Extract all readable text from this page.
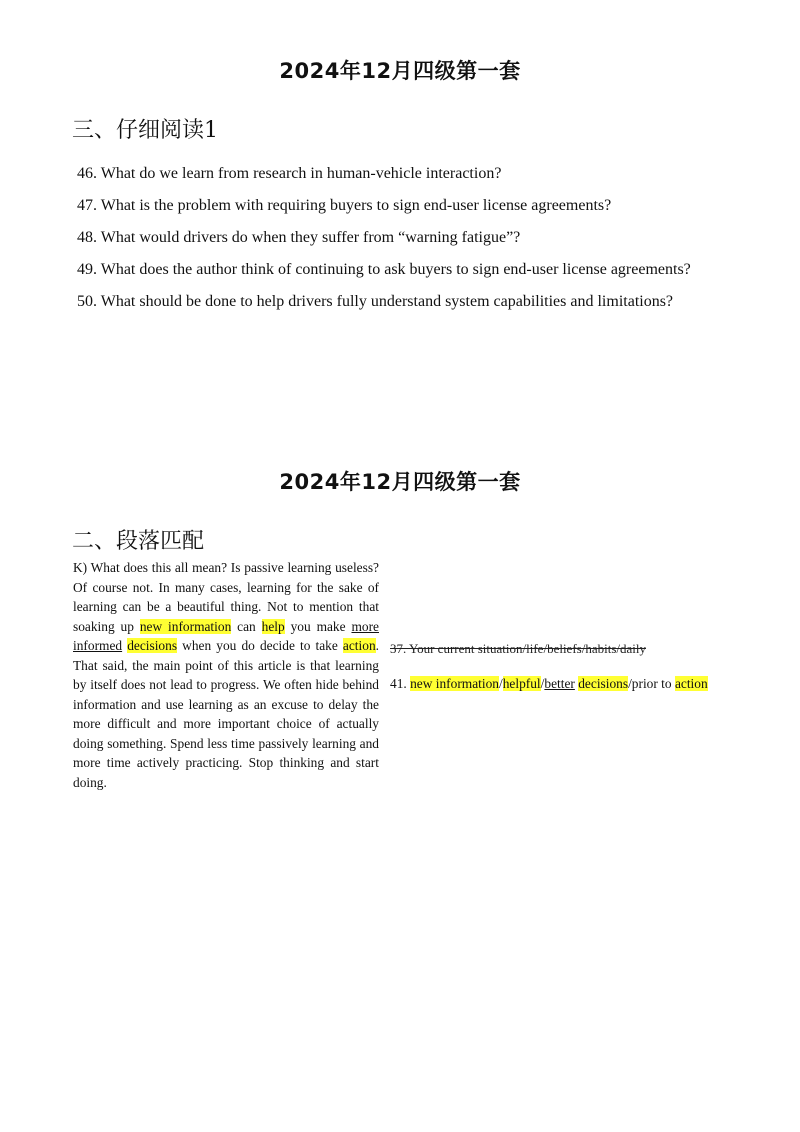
2024年12月四级第一套
三、仔细阅读1
46. What do we learn from research in human-vehicle interaction?
47. What is the problem with requiring buyers to sign end-user license agreements?
48. What would drivers do when they suffer from “warning fatigue”?
49. What does the author think of continuing to ask buyers to sign end-user license agreements?
50. What should be done to help drivers fully understand system capabilities and limitations?
2024年12月四级第一套
二、段落匹配
K) What does this all mean? Is passive learning useless? Of course not. In many cases, learning for the sake of learning can be a beautiful thing. Not to mention that soaking up new information can help you make more informed decisions when you do decide to take action. That said, the main point of this article is that learning by itself does not lead to progress. We often hide behind information and use learning as an excuse to delay the more difficult and more important choice of actually doing something. Spend less time passively learning and more time actively practicing. Stop thinking and start doing.
37. Your current situation/life/beliefs/habits/daily
41. new information/helpful/better decisions/prior to action
